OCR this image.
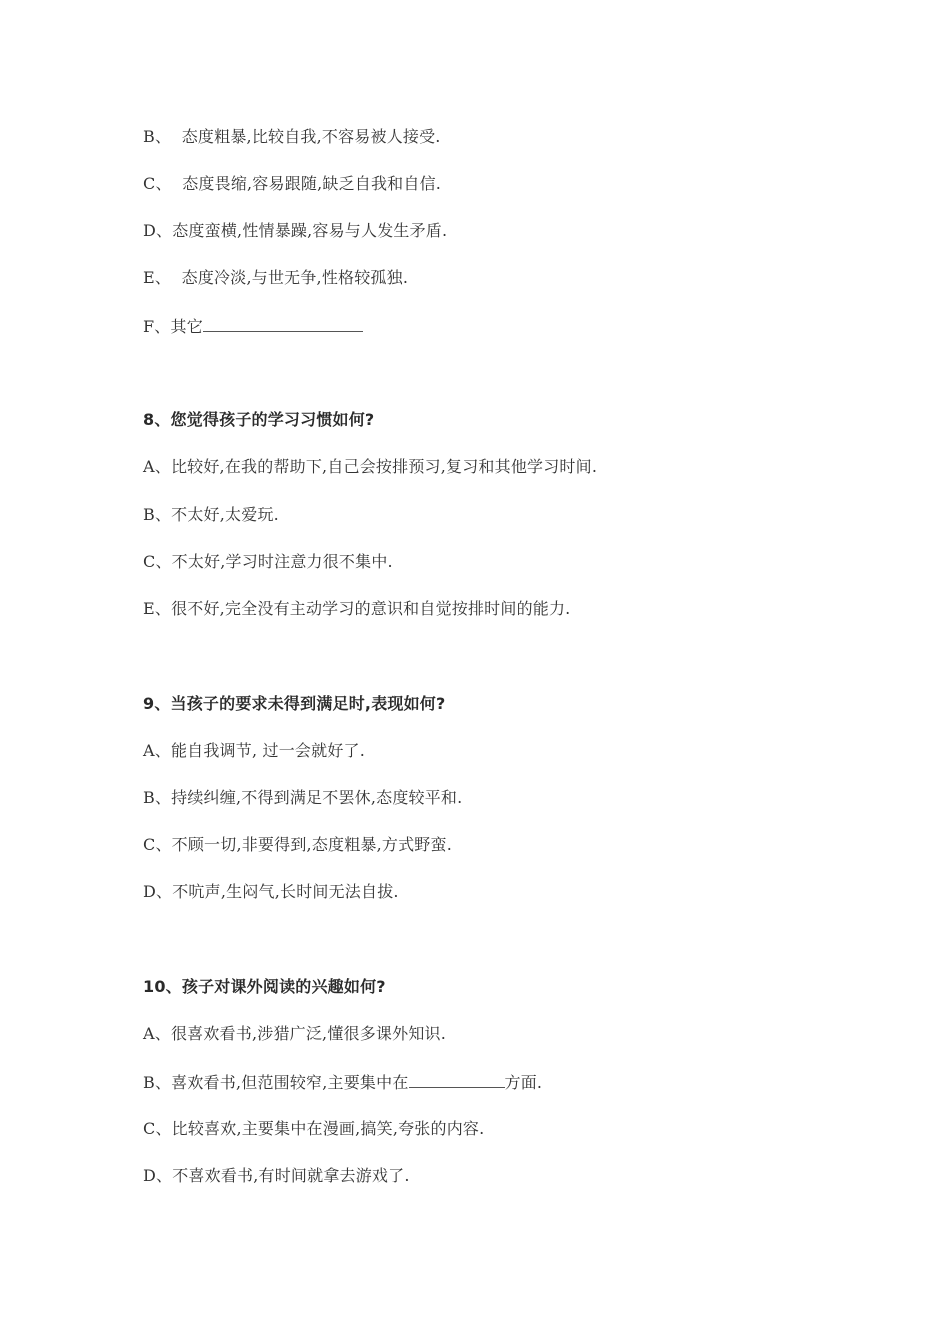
B、  态度粗暴,比较自我,不容易被人接受.
C、  态度畏缩,容易跟随,缺乏自我和自信.
D、态度蛮横,性情暴躁,容易与人发生矛盾.
E、  态度冷淡,与世无争,性格较孤独.
F、其它
8、您觉得孩子的学习习惯如何?
A、比较好,在我的帮助下,自己会按排预习,复习和其他学习时间.
B、不太好,太爱玩.
C、不太好,学习时注意力很不集中.
E、很不好,完全没有主动学习的意识和自觉按排时间的能力.
9、当孩子的要求未得到满足时,表现如何?
A、能自我调节, 过一会就好了.
B、持续纠缠,不得到满足不罢休,态度较平和.
C、不顾一切,非要得到,态度粗暴,方式野蛮.
D、不吭声,生闷气,长时间无法自拔.
10、孩子对课外阅读的兴趣如何?
A、很喜欢看书,涉猎广泛,懂很多课外知识.
B、喜欢看书,但范围较窄,主要集中在	方面.
C、比较喜欢,主要集中在漫画,搞笑,夸张的内容.
D、不喜欢看书,有时间就拿去游戏了.
